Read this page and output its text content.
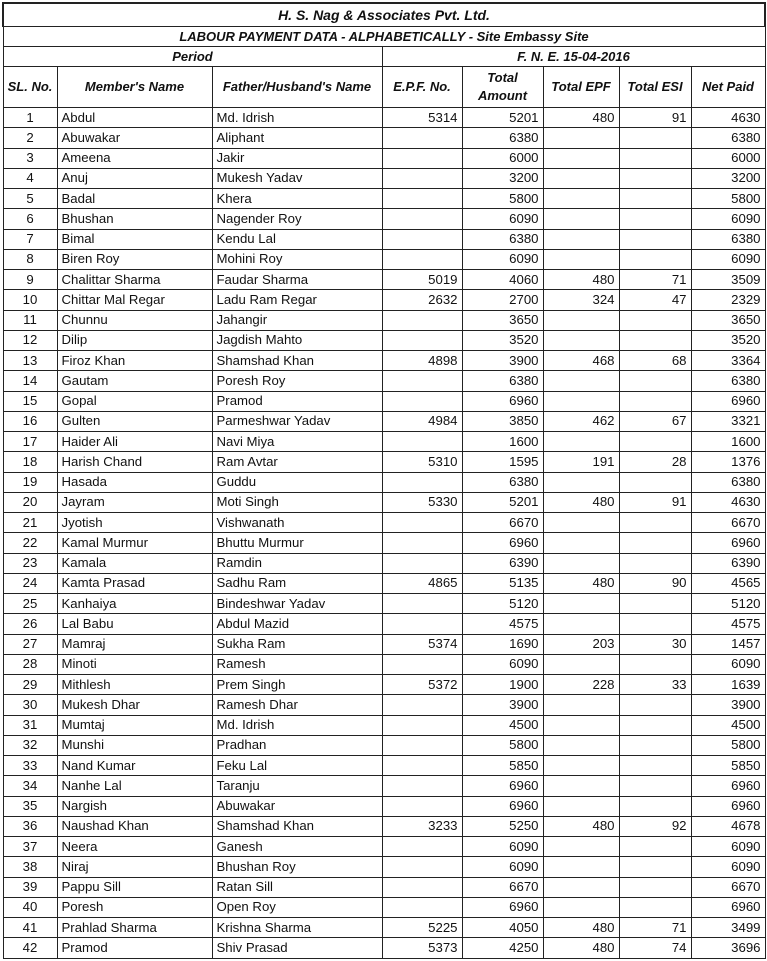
H. S. Nag & Associates Pvt. Ltd.							
LABOUR PAYMENT DATA - ALPHABETICALLY - Site Embassy Site							
Period			F. N. E. 15-04-2016				
SL. No.	Member's Name	Father/Husband's Name	E.P.F. No.	Total Amount	Total EPF	Total ESI	Net Paid
1	Abdul	Md. Idrish	5314	5201	480	91	4630
2	Abuwakar	Aliphant		6380			6380
3	Ameena	Jakir		6000			6000
4	Anuj	Mukesh Yadav		3200			3200
5	Badal	Khera		5800			5800
6	Bhushan	Nagender Roy		6090			6090
7	Bimal	Kendu Lal		6380			6380
8	Biren Roy	Mohini Roy		6090			6090
9	Chalittar Sharma	Faudar Sharma	5019	4060	480	71	3509
10	Chittar Mal Regar	Ladu Ram Regar	2632	2700	324	47	2329
11	Chunnu	Jahangir		3650			3650
12	Dilip	Jagdish Mahto		3520			3520
13	Firoz Khan	Shamshad Khan	4898	3900	468	68	3364
14	Gautam	Poresh Roy		6380			6380
15	Gopal	Pramod		6960			6960
16	Gulten	Parmeshwar Yadav	4984	3850	462	67	3321
17	Haider Ali	Navi Miya		1600			1600
18	Harish Chand	Ram Avtar	5310	1595	191	28	1376
19	Hasada	Guddu		6380			6380
20	Jayram	Moti Singh	5330	5201	480	91	4630
21	Jyotish	Vishwanath		6670			6670
22	Kamal Murmur	Bhuttu Murmur		6960			6960
23	Kamala	Ramdin		6390			6390
24	Kamta Prasad	Sadhu Ram	4865	5135	480	90	4565
25	Kanhaiya	Bindeshwar Yadav		5120			5120
26	Lal Babu	Abdul Mazid		4575			4575
27	Mamraj	Sukha Ram	5374	1690	203	30	1457
28	Minoti	Ramesh		6090			6090
29	Mithlesh	Prem Singh	5372	1900	228	33	1639
30	Mukesh Dhar	Ramesh Dhar		3900			3900
31	Mumtaj	Md. Idrish		4500			4500
32	Munshi	Pradhan		5800			5800
33	Nand Kumar	Feku Lal		5850			5850
34	Nanhe Lal	Taranju		6960			6960
35	Nargish	Abuwakar		6960			6960
36	Naushad Khan	Shamshad Khan	3233	5250	480	92	4678
37	Neera	Ganesh		6090			6090
38	Niraj	Bhushan Roy		6090			6090
39	Pappu Sill	Ratan Sill		6670			6670
40	Poresh	Open Roy		6960			6960
41	Prahlad Sharma	Krishna Sharma	5225	4050	480	71	3499
42	Pramod	Shiv Prasad	5373	4250	480	74	3696
